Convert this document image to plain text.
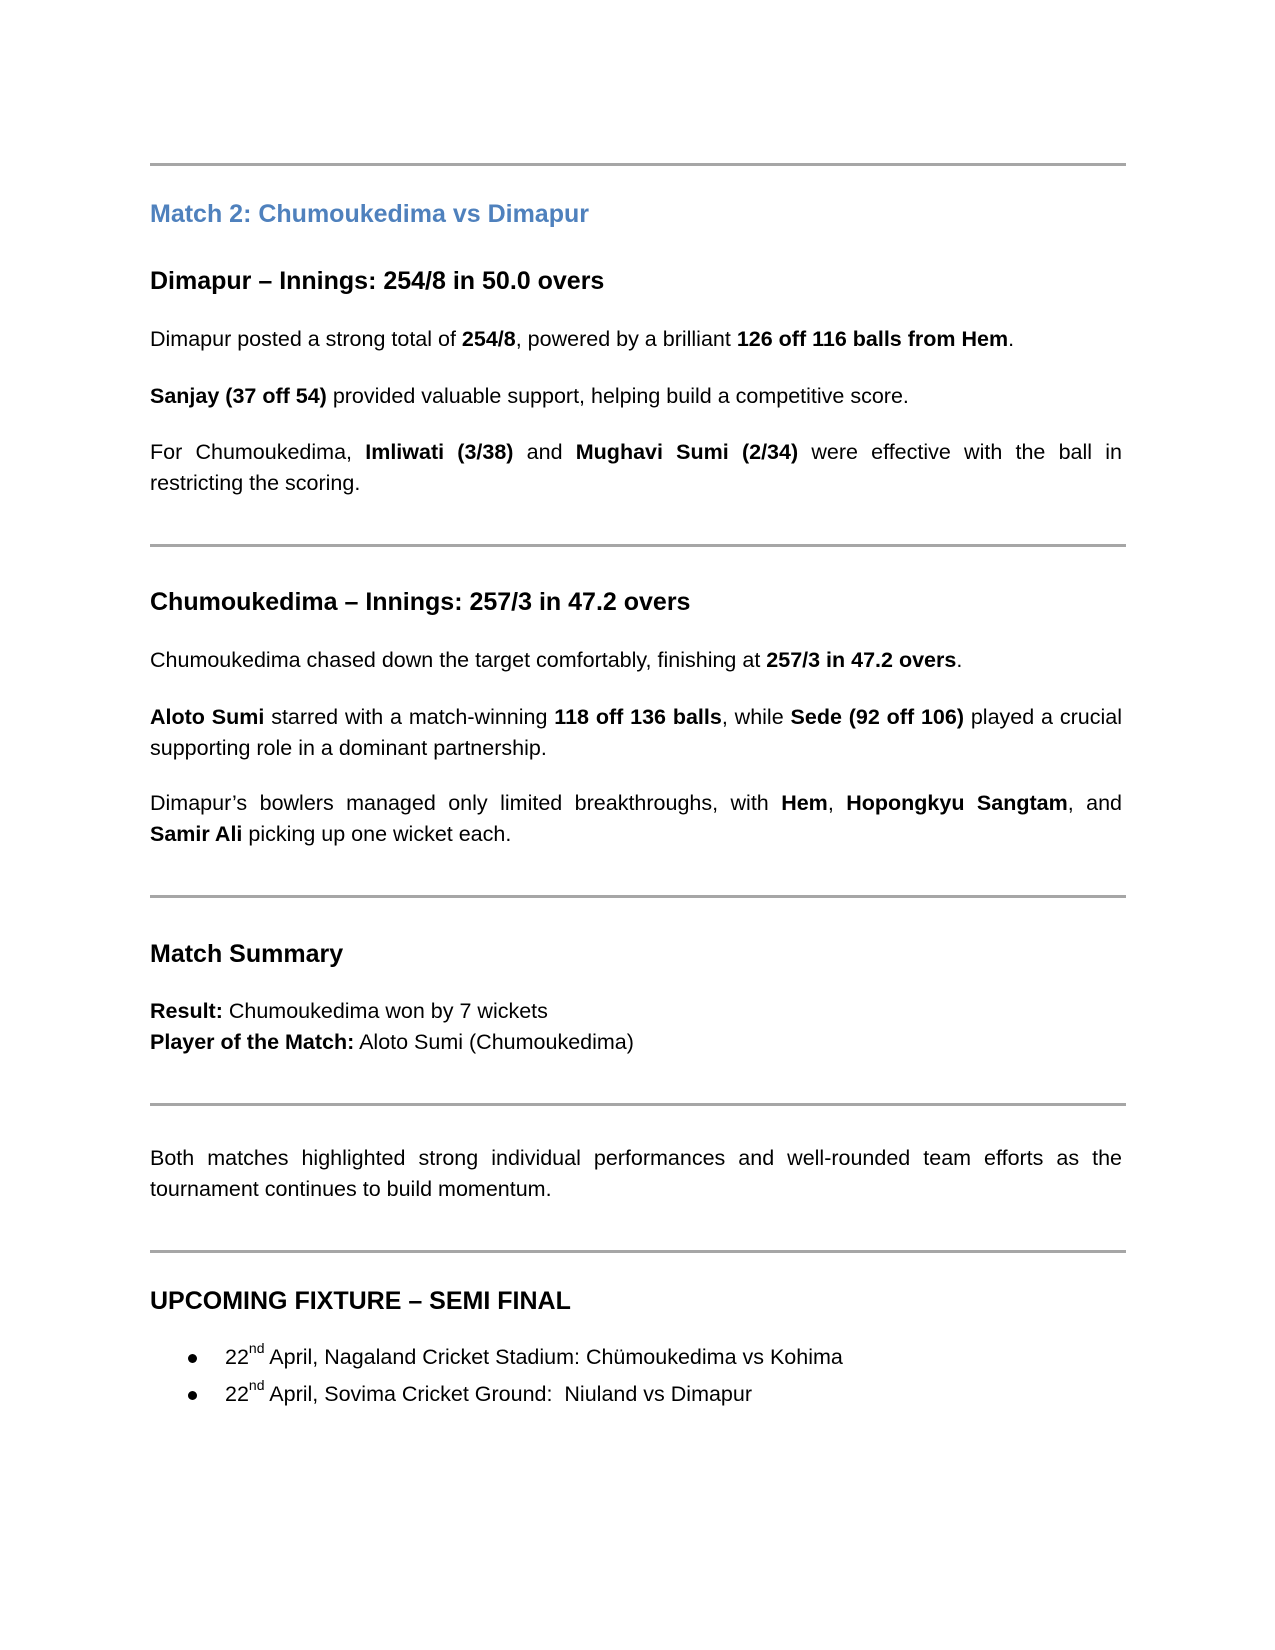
Match 2: Chumoukedima vs Dimapur
Dimapur – Innings: 254/8 in 50.0 overs

Dimapur posted a strong total of 254/8, powered by a brilliant 126 off 116 balls from Hem.

Sanjay (37 off 54) provided valuable support, helping build a competitive score.

For Chumoukedima, Imliwati (3/38) and Mughavi Sumi (2/34) were effective with the ball in restricting the scoring.

Chumoukedima – Innings: 257/3 in 47.2 overs

Chumoukedima chased down the target comfortably, finishing at 257/3 in 47.2 overs.

Aloto Sumi starred with a match-winning 118 off 136 balls, while Sede (92 off 106) played a crucial supporting role in a dominant partnership.

Dimapur’s bowlers managed only limited breakthroughs, with Hem, Hopongkyu Sangtam, and Samir Ali picking up one wicket each.

Match Summary

Result: Chumoukedima won by 7 wickets

Player of the Match: Aloto Sumi (Chumoukedima)

Both matches highlighted strong individual performances and well-rounded team efforts as the tournament continues to build momentum.

UPCOMING FIXTURE – SEMI FINAL
22nd April, Nagaland Cricket Stadium: Chümoukedima vs Kohima
22nd April, Sovima Cricket Ground:  Niuland vs Dimapur
